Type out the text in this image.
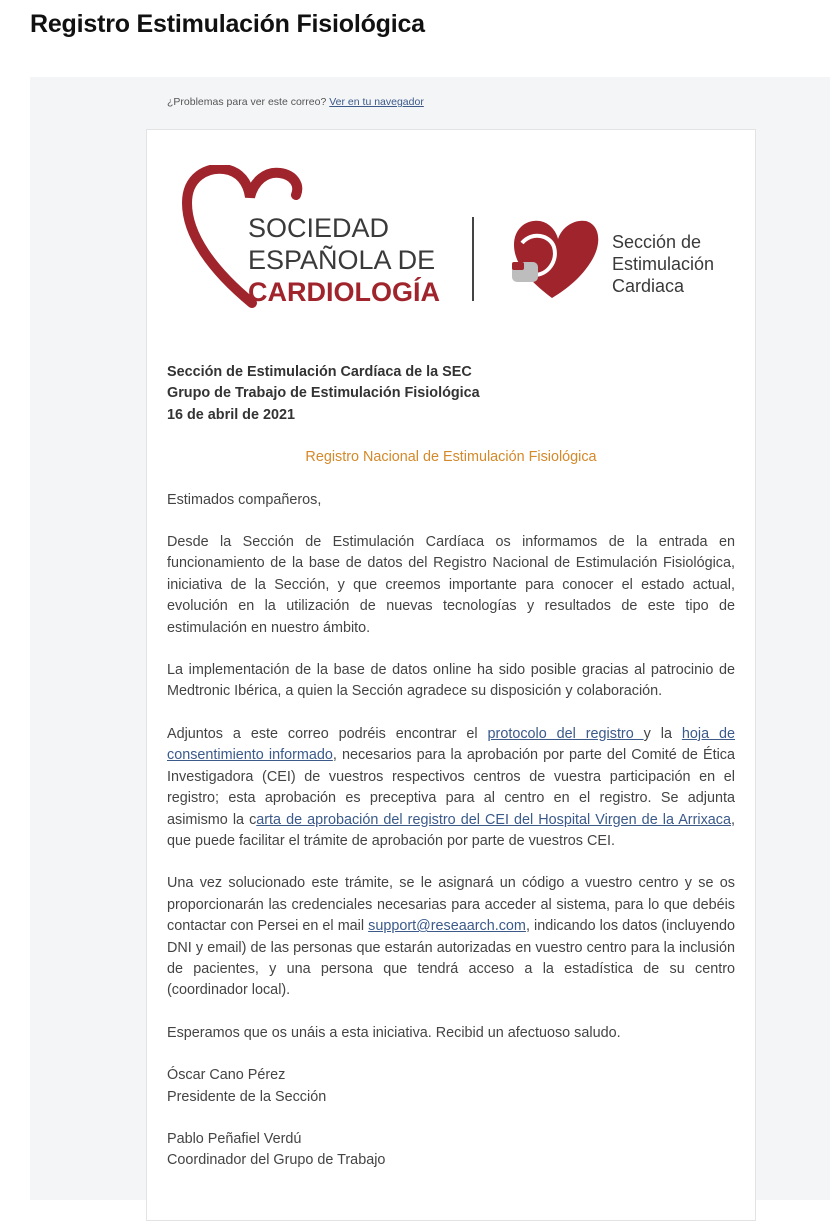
Registro Estimulación Fisiológica
¿Problemas para ver este correo? Ver en tu navegador
SOCIEDAD
ESPAÑOLA DE
CARDIOLOGÍA
Sección de
Estimulación
Cardiaca
Sección de Estimulación Cardíaca de la SEC
Grupo de Trabajo de Estimulación Fisiológica
16 de abril de 2021
Registro Nacional de Estimulación Fisiológica
Estimados compañeros,
Desde la Sección de Estimulación Cardíaca os informamos de la entrada en funcionamiento de la base de datos del Registro Nacional de Estimulación Fisiológica, iniciativa de la Sección, y que creemos importante para conocer el estado actual, evolución en la utilización de nuevas tecnologías y resultados de este tipo de estimulación en nuestro ámbito.
La implementación de la base de datos online ha sido posible gracias al patrocinio de Medtronic Ibérica, a quien la Sección agradece su disposición y colaboración.
Adjuntos a este correo podréis encontrar el protocolo del registro y la hoja de consentimiento informado, necesarios para la aprobación por parte del Comité de Ética Investigadora (CEI) de vuestros respectivos centros de vuestra participación en el registro; esta aprobación es preceptiva para al centro en el registro. Se adjunta asimismo la carta de aprobación del registro del CEI del Hospital Virgen de la Arrixaca, que puede facilitar el trámite de aprobación por parte de vuestros CEI.
Una vez solucionado este trámite, se le asignará un código a vuestro centro y se os proporcionarán las credenciales necesarias para acceder al sistema, para lo que debéis contactar con Persei en el mail support@reseaarch.com, indicando los datos (incluyendo DNI y email) de las personas que estarán autorizadas en vuestro centro para la inclusión de pacientes, y una persona que tendrá acceso a la estadística de su centro (coordinador local).
Esperamos que os unáis a esta iniciativa. Recibid un afectuoso saludo.
Óscar Cano Pérez
Presidente de la Sección
Pablo Peñafiel Verdú
Coordinador del Grupo de Trabajo
